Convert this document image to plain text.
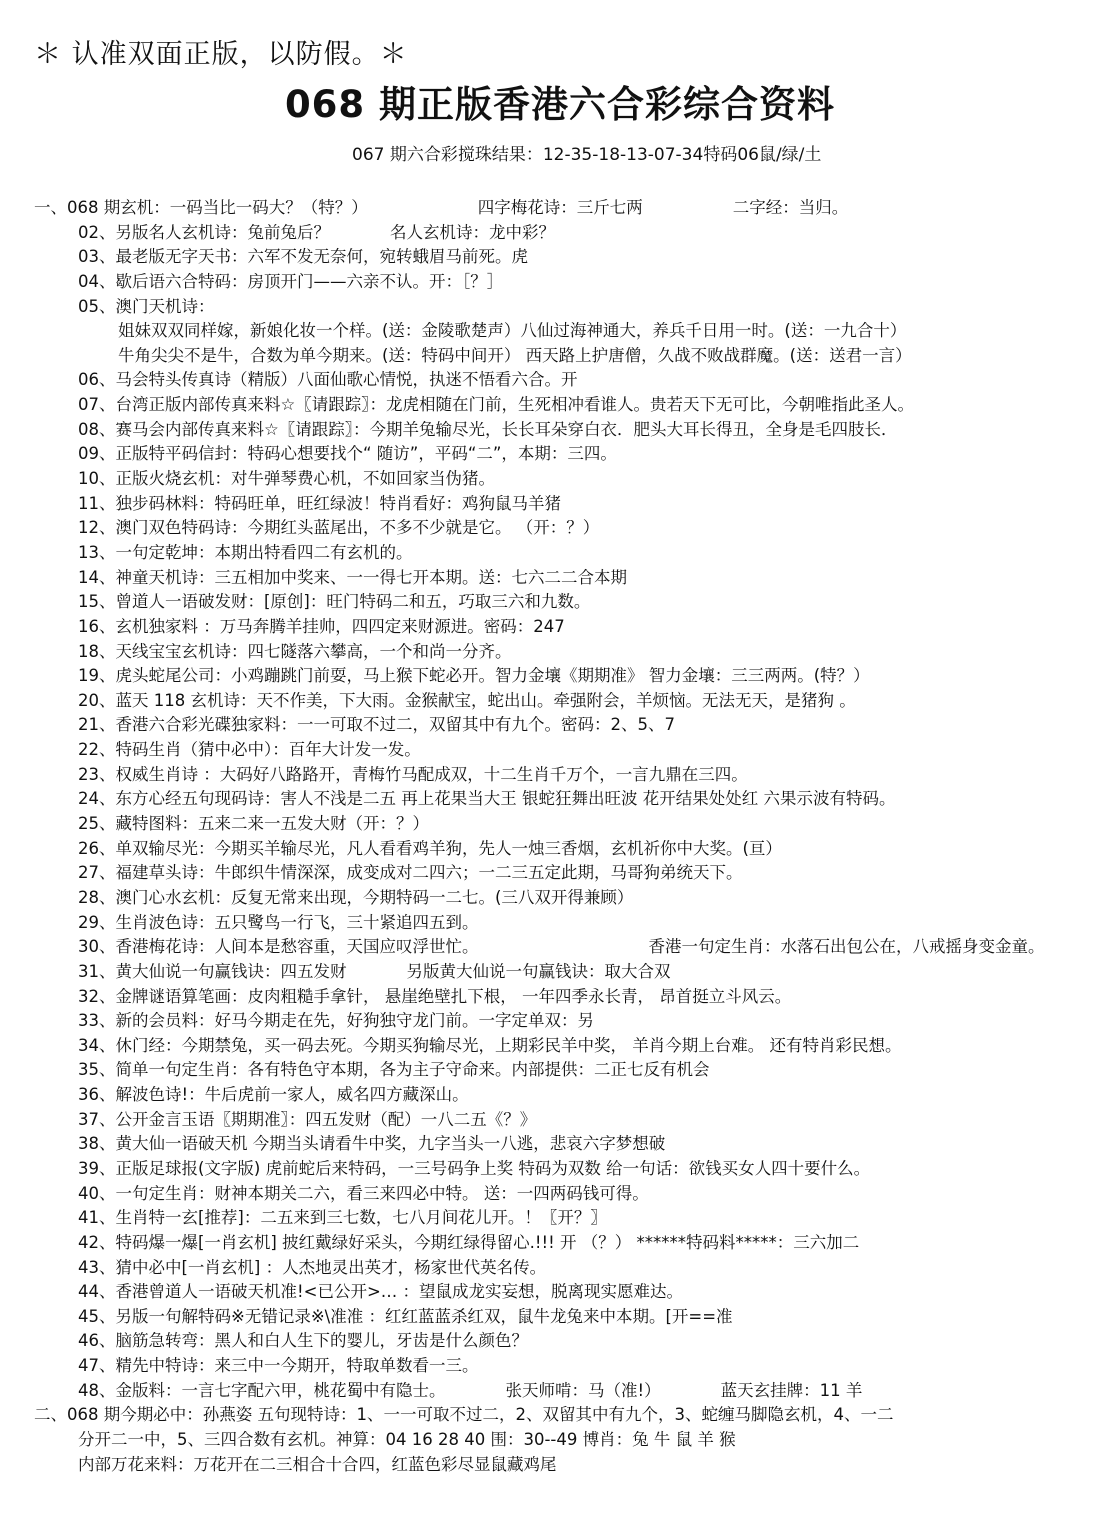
＊ 认准双面正版，以防假。＊
068 期正版香港六合彩综合资料
067 期六合彩搅珠结果：12-35-18-13-07-34特码06鼠/绿/土
一、068 期玄机：一码当比一码大？（特？）	四字梅花诗：三斤七两	二字经：当归。
02、另版名人玄机诗：兔前兔后？	名人玄机诗：龙中彩？
03、最老版无字天书：六军不发无奈何，宛转蛾眉马前死。虎
04、歇后语六合特码：房顶开门——六亲不认。开：［？］
05、澳门天机诗：
姐妹双双同样嫁，新娘化妆一个样。(送：金陵歌楚声）八仙过海神通大，养兵千日用一时。(送：一九合十）
牛角尖尖不是牛，合数为单今期来。(送：特码中间开） 西天路上护唐僧，久战不败战群魔。(送：送君一言）
06、马会特头传真诗（精版）八面仙歌心情悦，执迷不悟看六合。开
07、台湾正版内部传真来料☆〖请跟踪〗：龙虎相随在门前，生死相冲看谁人。贵若天下无可比，今朝唯指此圣人。
08、赛马会内部传真来料☆〖请跟踪〗：今期羊兔输尽光，长长耳朵穿白衣．肥头大耳长得丑，全身是毛四肢长．
09、正版特平码信封：特码心想要找个“ 随访”，平码“二”，本期：三四。
10、正版火烧玄机：对牛弹琴费心机，不如回家当伪猪。
11、独步码林料：特码旺单，旺红绿波！特肖看好：鸡狗鼠马羊猪
12、澳门双色特码诗：今期红头蓝尾出，不多不少就是它。 （开：？）
13、一句定乾坤：本期出特看四二有玄机的。
14、神童天机诗：三五相加中奖来、一一得七开本期。送：七六二二合本期
15、曾道人一语破发财：[原创]：旺门特码二和五，巧取三六和九数。
16、玄机独家料 ：万马奔腾羊挂帅，四四定来财源进。密码：247
18、天线宝宝玄机诗：四七隧落六攀高，一个和尚一分齐。
19、虎头蛇尾公司：小鸡蹦跳门前耍，马上猴下蛇必开。智力金壤《期期准》 智力金壤：三三两两。(特？）
20、蓝天 118 玄机诗：天不作美，下大雨。金猴献宝，蛇出山。牵强附会，羊烦恼。无法无天，是猪狗 。
21、香港六合彩光碟独家料：一一可取不过二，双留其中有九个。密码：2、5、7
22、特码生肖（猜中必中）：百年大计发一发。
23、权威生肖诗 ：大码好八路路开，青梅竹马配成双，十二生肖千万个，一言九鼎在三四。
24、东方心经五句现码诗：害人不浅是二五 再上花果当大王 银蛇狂舞出旺波 花开结果处处红 六果示波有特码。
25、藏特图料：五来二来一五发大财（开：？）
26、单双输尽光：今期买羊输尽光，凡人看看鸡羊狗，先人一烛三香烟，玄机祈你中大奖。(亘）
27、福建草头诗：牛郎织牛情深深，成变成对二四六；一二三五定此期，马哥狗弟统天下。
28、澳门心水玄机：反复无常来出现，今期特码一二七。(三八双开得兼顾）
29、生肖波色诗：五只鹭鸟一行飞，三十紧追四五到。
30、香港梅花诗：人间本是愁容重，天国应叹浮世忙。	香港一句定生肖：水落石出包公在，八戒摇身变金童。
31、黄大仙说一句赢钱诀：四五发财	另版黄大仙说一句赢钱诀：取大合双
32、金牌谜语算笔画：皮肉粗糙手拿针， 悬崖绝壁扎下根， 一年四季永长青， 昂首挺立斗风云。
33、新的会员料：好马今期走在先，好狗独守龙门前。一字定单双：另
34、休门经：今期禁兔，买一码去死。今期买狗输尽光，上期彩民羊中奖， 羊肖今期上台难。 还有特肖彩民想。
35、简单一句定生肖：各有特色守本期，各为主子守命来。内部提供：二正七反有机会
36、解波色诗!：牛后虎前一家人，威名四方藏深山。
37、公开金言玉语〖期期准〗：四五发财（配）一八二五《？》
38、黄大仙一语破天机 今期当头请看牛中奖，九字当头一八逃，悲哀六字梦想破
39、正版足球报(文字版) 虎前蛇后来特码，一三号码争上奖 特码为双数 给一句话：欲钱买女人四十要什么。
40、一句定生肖：财神本期关二六，看三来四必中特。 送：一四两码钱可得。
41、生肖特一玄[推荐]：二五来到三七数，七八月间花儿开。！〖开？〗
42、特码爆一爆[一肖玄机] 披红戴绿好采头，今期红绿得留心.!!! 开 （？） ******特码料*****：三六加二
43、猜中必中[一肖玄机] ：人杰地灵出英才，杨家世代英名传。
44、香港曾道人一语破天机准!<已公开>… ：望鼠成龙实妄想，脱离现实愿难达。
45、另版一句解特码※无错记录※\准准 ：红红蓝蓝杀红双，鼠牛龙兔来中本期。[开==准
46、脑筋急转弯：黑人和白人生下的婴儿，牙齿是什么颜色？
47、精先中特诗：来三中一今期开，特取单数看一三。
48、金版料：一言七字配六甲，桃花蜀中有隐士。	张天师啃：马（准!）	蓝天玄挂牌：11 羊
二、068 期今期必中：孙燕姿 五句现特诗：1、一一可取不过二，2、双留其中有九个，3、蛇缠马脚隐玄机，4、一二
分开二一中，5、三四合数有玄机。神算：04 16 28 40 围：30--49 博肖：兔 牛 鼠 羊 猴
内部万花来料：万花开在二三相合十合四，红蓝色彩尽显鼠藏鸡尾
